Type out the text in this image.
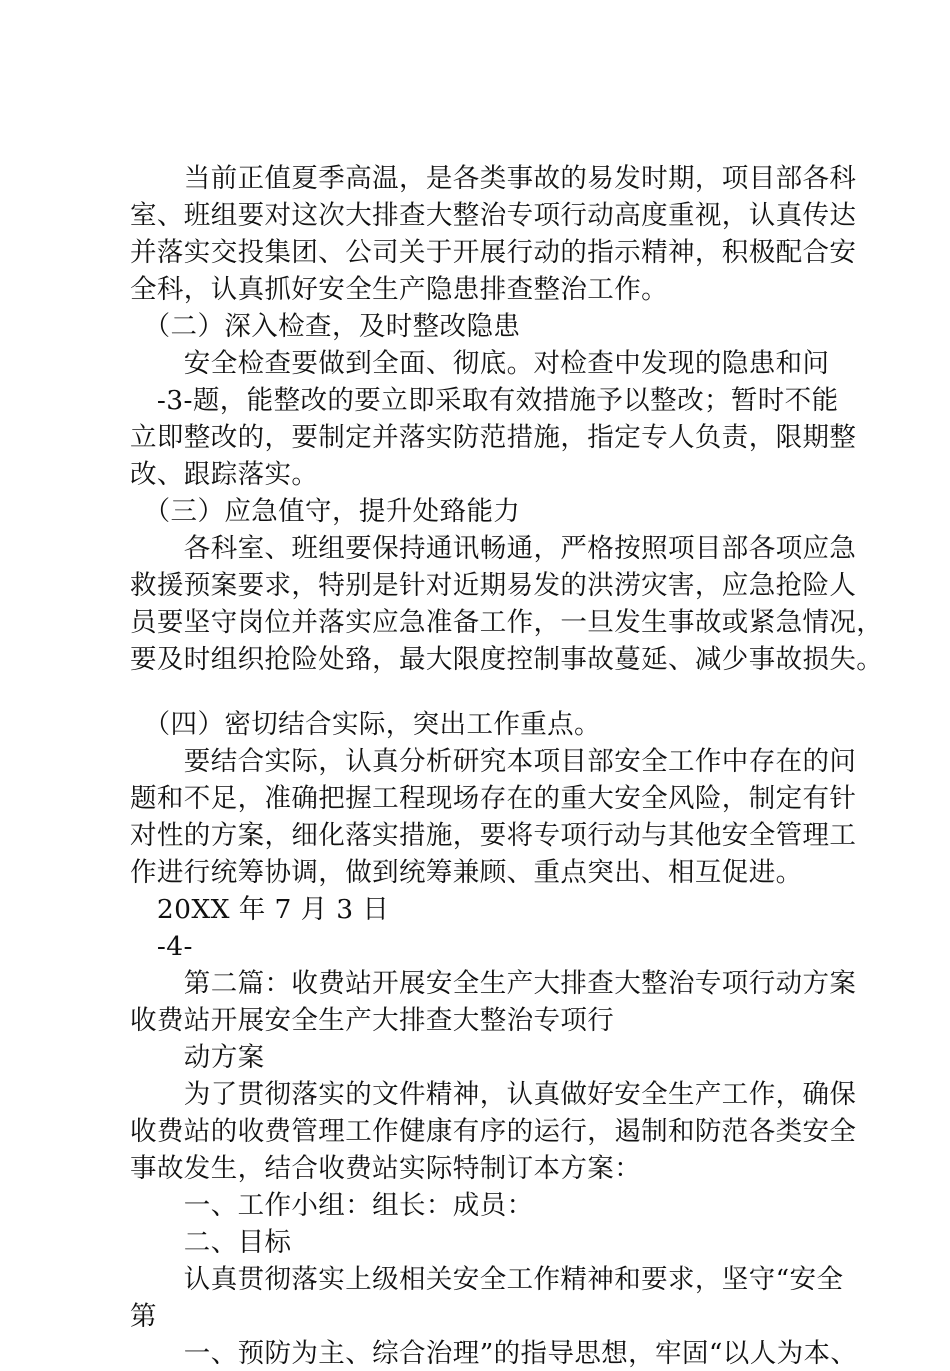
　　当前正值夏季高温，是各类事故的易发时期，项目部各科
室、班组要对这次大排查大整治专项行动高度重视，认真传达
并落实交投集团、公司关于开展行动的指示精神，积极配合安
全科，认真抓好安全生产隐患排查整治工作。
　（二）深入检查，及时整改隐患
　　安全检查要做到全面、彻底。对检查中发现的隐患和问
　-3-题，能整改的要立即采取有效措施予以整改；暂时不能
立即整改的，要制定并落实防范措施，指定专人负责，限期整
改、跟踪落实。
　（三）应急值守，提升处臵能力
　　各科室、班组要保持通讯畅通，严格按照项目部各项应急
救援预案要求，特别是针对近期易发的洪涝灾害，应急抢险人
员要坚守岗位并落实应急准备工作，一旦发生事故或紧急情况，
要及时组织抢险处臵，最大限度控制事故蔓延、减少事故损失。
　（四）密切结合实际，突出工作重点。
　　要结合实际，认真分析研究本项目部安全工作中存在的问
题和不足，准确把握工程现场存在的重大安全风险，制定有针
对性的方案，细化落实措施，要将专项行动与其他安全管理工
作进行统筹协调，做到统筹兼顾、重点突出、相互促进。
　20XX 年 7 月 3 日
　-4-
　　第二篇：收费站开展安全生产大排查大整治专项行动方案
收费站开展安全生产大排查大整治专项行
　　动方案
　　为了贯彻落实的文件精神，认真做好安全生产工作，确保
收费站的收费管理工作健康有序的运行，遏制和防范各类安全
事故发生，结合收费站实际特制订本方案：
　　一、工作小组：组长：成员：
　　二、目标
　　认真贯彻落实上级相关安全工作精神和要求，坚守“安全
第
　　一、预防为主、综合治理”的指导思想，牢固“以人为本、
